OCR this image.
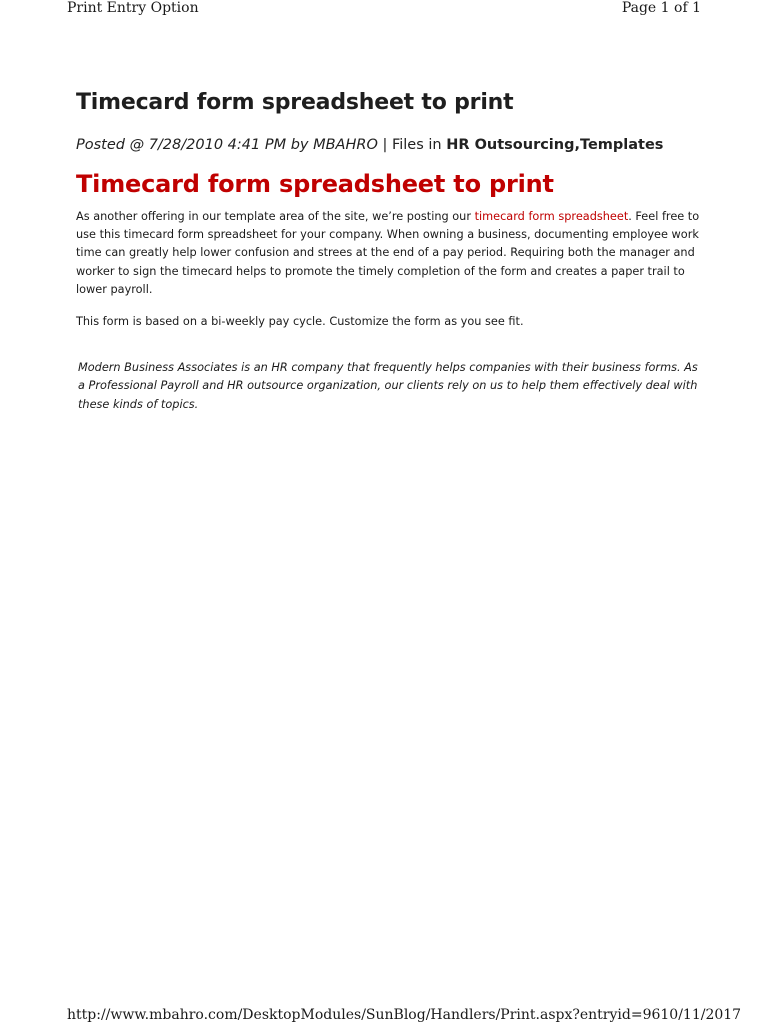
Print Entry Option	Page 1 of 1
Timecard form spreadsheet to print
Posted @ 7/28/2010 4:41 PM by MBAHRO | Files in HR Outsourcing,Templates
Timecard form spreadsheet to print

As another offering in our template area of the site, we’re posting our timecard form spreadsheet. Feel free to use this timecard form spreadsheet for your company. When owning a business, documenting employee work time can greatly help lower confusion and strees at the end of a pay period. Requiring both the manager and worker to sign the timecard helps to promote the timely completion of the form and creates a paper trail to lower payroll.

This form is based on a bi-weekly pay cycle. Customize the form as you see fit.

Modern Business Associates is an HR company that frequently helps companies with their business forms. As a Professional Payroll and HR outsource organization, our clients rely on us to help them effectively deal with these kinds of topics.

http://www.mbahro.com/DesktopModules/SunBlog/Handlers/Print.aspx?entryid=96 10/11/2017
